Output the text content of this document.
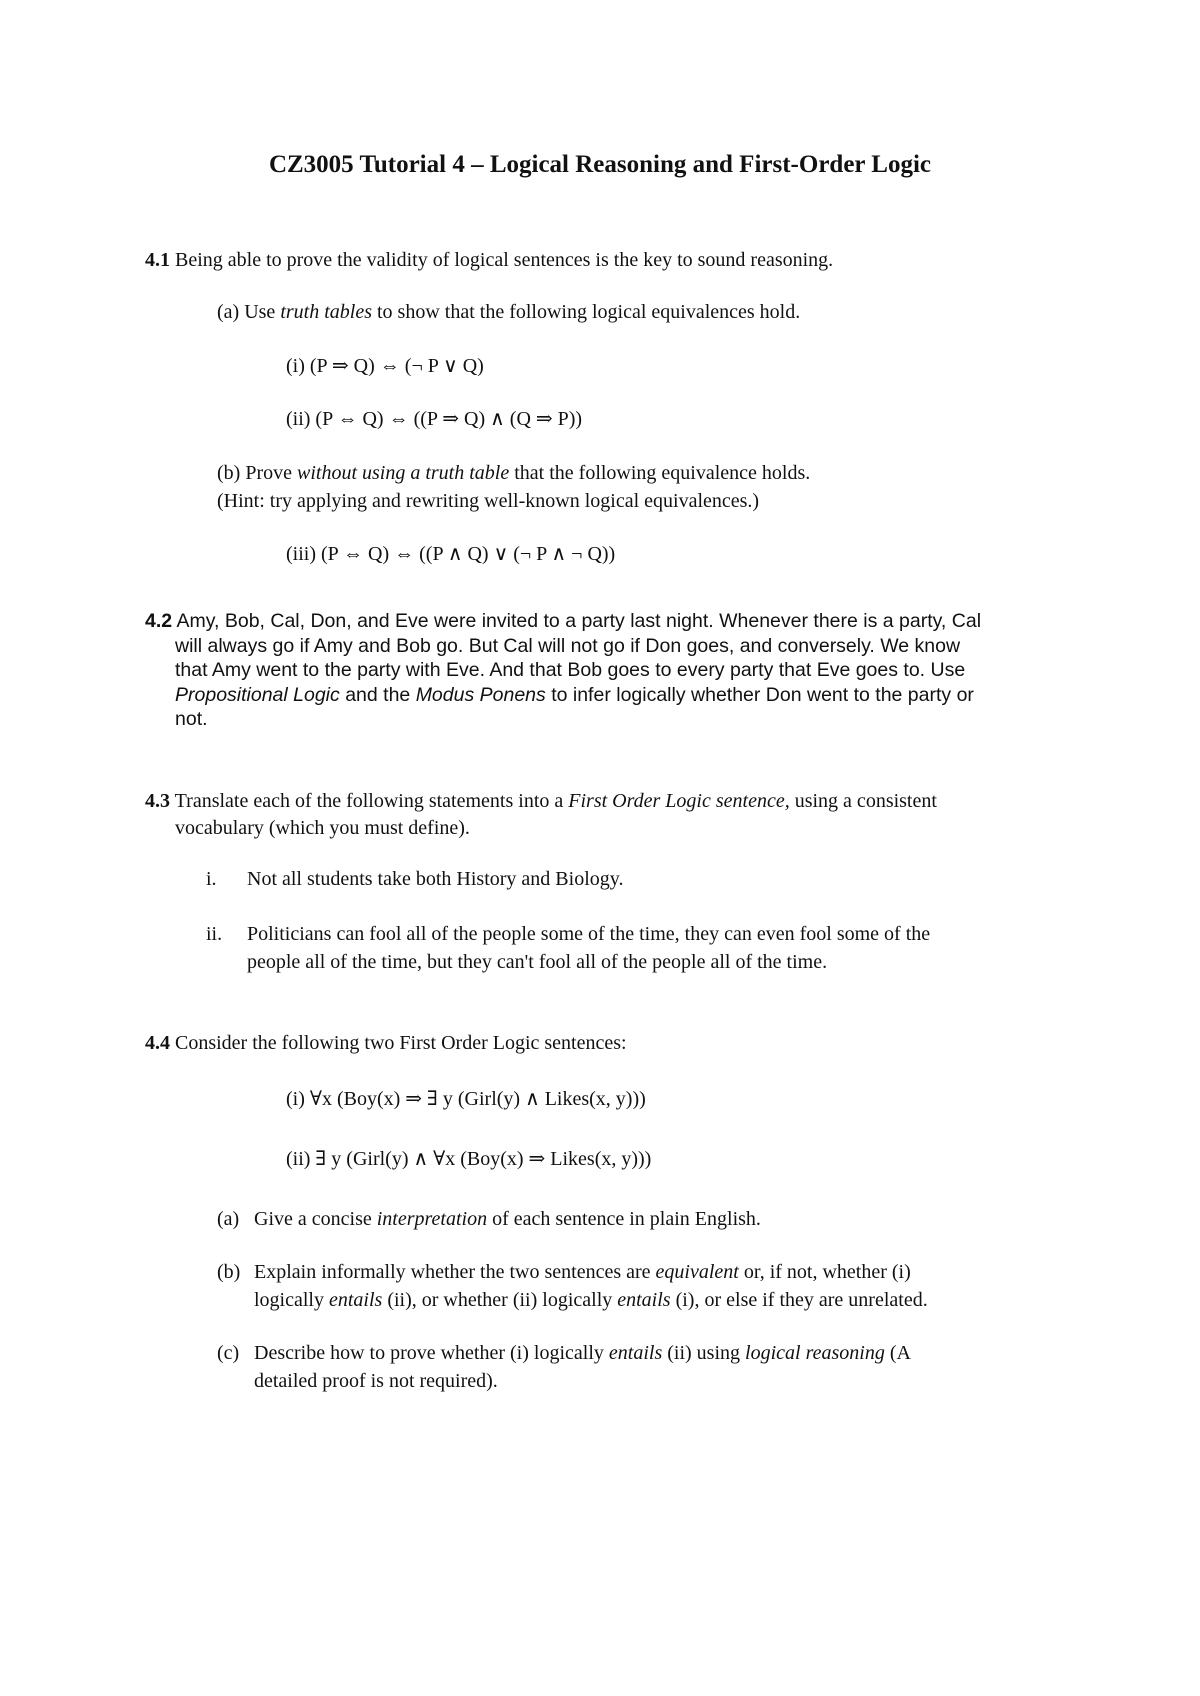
CZ3005 Tutorial 4 – Logical Reasoning and First-Order Logic
4.1 Being able to prove the validity of logical sentences is the key to sound reasoning.
(a) Use truth tables to show that the following logical equivalences hold.
(i) (P ⇒ Q) ⇔ (¬ P ∨ Q)
(ii) (P ⇔ Q) ⇔ ((P ⇒ Q) ∧ (Q ⇒ P))
(b) Prove without using a truth table that the following equivalence holds.
(Hint: try applying and rewriting well-known logical equivalences.)
(iii) (P ⇔ Q) ⇔ ((P ∧ Q) ∨ (¬ P ∧ ¬ Q))
4.2 Amy, Bob, Cal, Don, and Eve were invited to a party last night. Whenever there is a party, Cal
will always go if Amy and Bob go. But Cal will not go if Don goes, and conversely. We know
that Amy went to the party with Eve. And that Bob goes to every party that Eve goes to. Use
Propositional Logic and the Modus Ponens to infer logically whether Don went to the party or
not.
4.3 Translate each of the following statements into a First Order Logic sentence, using a consistent
vocabulary (which you must define).
i. Not all students take both History and Biology.
ii. Politicians can fool all of the people some of the time, they can even fool some of the
people all of the time, but they can't fool all of the people all of the time.
4.4 Consider the following two First Order Logic sentences:
(i) ∀x (Boy(x) ⇒ ∃ y (Girl(y) ∧ Likes(x, y)))
(ii) ∃ y (Girl(y) ∧ ∀x (Boy(x) ⇒ Likes(x, y)))
(a) Give a concise interpretation of each sentence in plain English.
(b) Explain informally whether the two sentences are equivalent or, if not, whether (i)
logically entails (ii), or whether (ii) logically entails (i), or else if they are unrelated.
(c) Describe how to prove whether (i) logically entails (ii) using logical reasoning (A
detailed proof is not required).
